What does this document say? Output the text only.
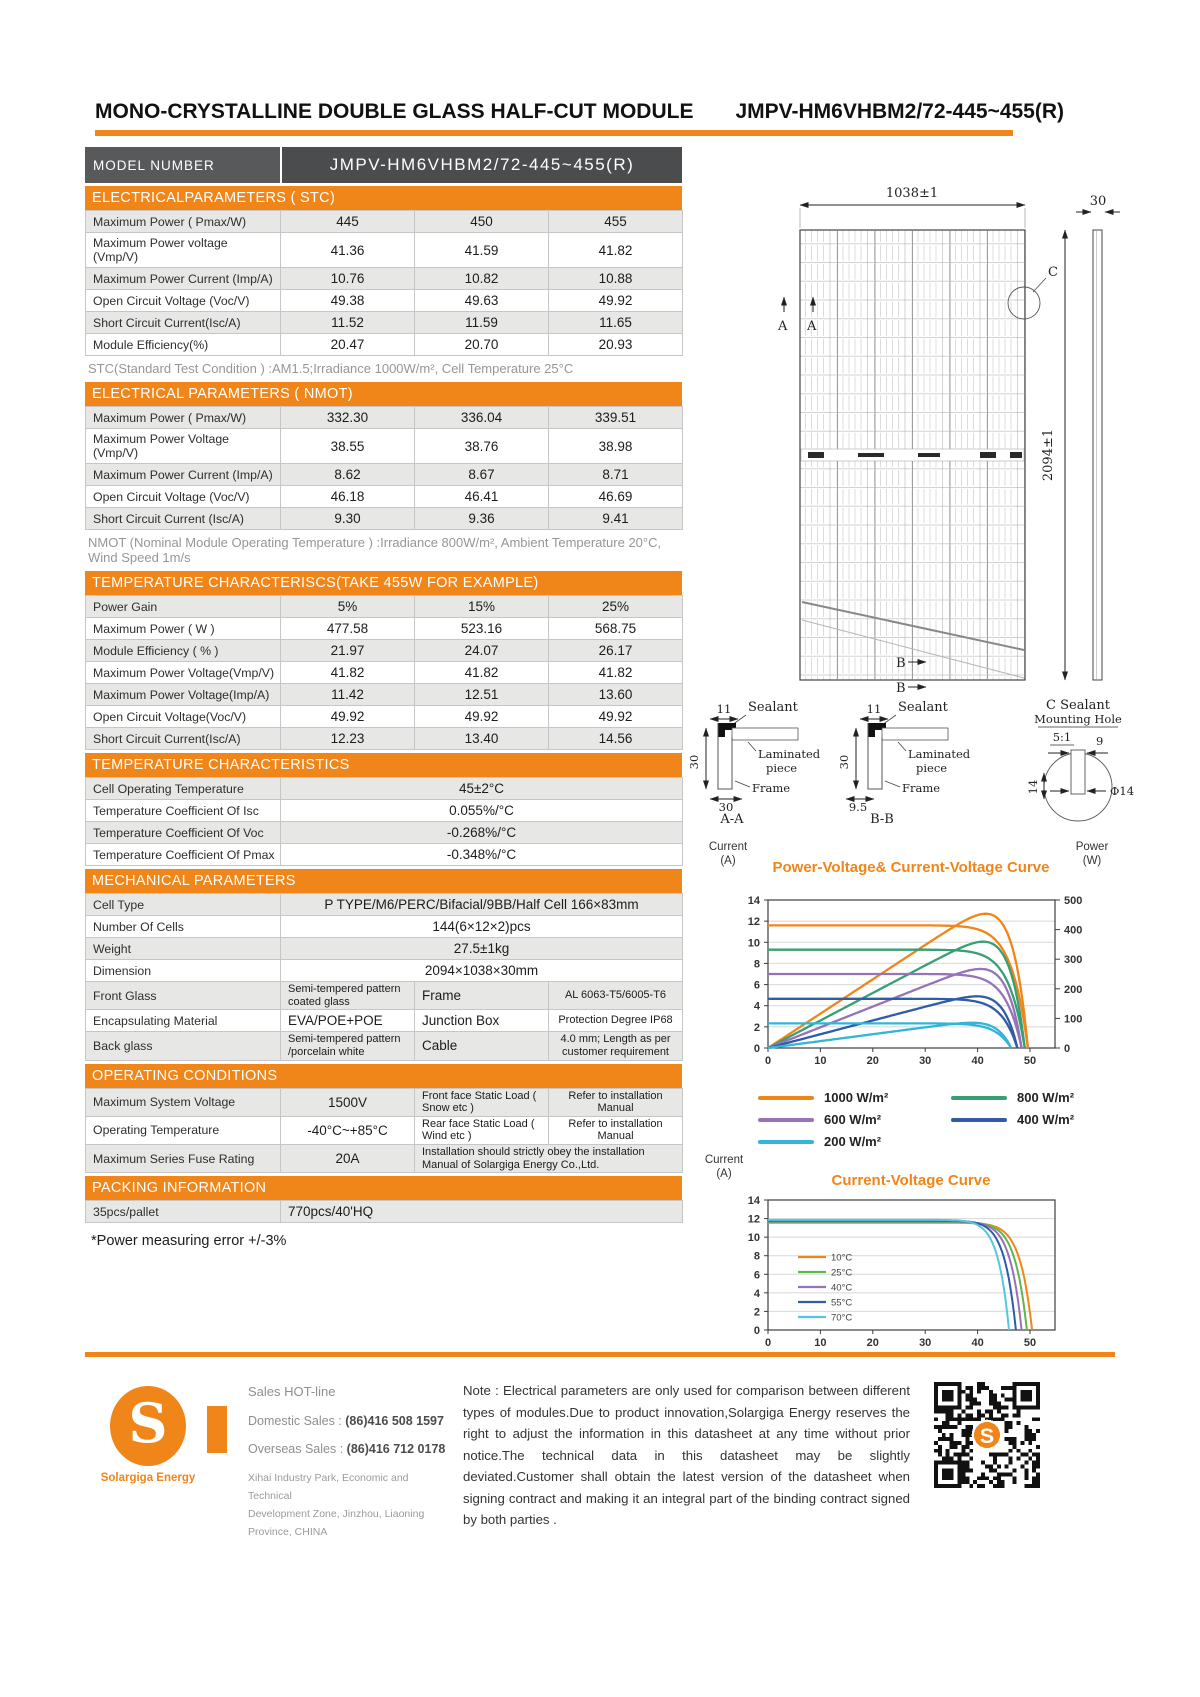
MONO-CRYSTALLINE DOUBLE GLASS HALF-CUT MODULE JMPV-HM6VHBM2/72-445~455(R)
MODEL NUMBER	JMPV-HM6VHBM2/72-445~455(R)
ELECTRICALPARAMETERS ( STC)
Maximum Power ( Pmax/W)	445	450	455
Maximum Power voltage (Vmp/V)	41.36	41.59	41.82
Maximum Power Current (Imp/A)	10.76	10.82	10.88
Open Circuit Voltage (Voc/V)	49.38	49.63	49.92
Short Circuit Current(Isc/A)	11.52	11.59	11.65
Module Efficiency(%)	20.47	20.70	20.93
STC(Standard Test Condition ) :AM1.5;Irradiance 1000W/m², Cell Temperature 25°C
ELECTRICAL PARAMETERS ( NMOT)
Maximum Power ( Pmax/W)	332.30	336.04	339.51
Maximum Power Voltage (Vmp/V)	38.55	38.76	38.98
Maximum Power Current (Imp/A)	8.62	8.67	8.71
Open Circuit Voltage (Voc/V)	46.18	46.41	46.69
Short Circuit Current (Isc/A)	9.30	9.36	9.41
NMOT (Nominal Module Operating Temperature ) :Irradiance 800W/m², Ambient Temperature 20°C, Wind Speed 1m/s
TEMPERATURE CHARACTERISCS(TAKE 455W FOR EXAMPLE)
Power Gain	5%	15%	25%
Maximum Power ( W )	477.58	523.16	568.75
Module Efficiency ( % )	21.97	24.07	26.17
Maximum Power Voltage(Vmp/V)	41.82	41.82	41.82
Maximum Power Voltage(Imp/A)	11.42	12.51	13.60
Open Circuit Voltage(Voc/V)	49.92	49.92	49.92
Short Circuit Current(Isc/A)	12.23	13.40	14.56
TEMPERATURE CHARACTERISTICS
Cell Operating Temperature	45±2°C
Temperature Coefficient Of Isc	0.055%/°C
Temperature Coefficient Of Voc	-0.268%/°C
Temperature Coefficient Of Pmax	-0.348%/°C
MECHANICAL PARAMETERS
Cell Type	P TYPE/M6/PERC/Bifacial/9BB/Half Cell 166×83mm		
Number Of Cells	144(6×12×2)pcs		
Weight	27.5±1kg		
Dimension	2094×1038×30mm		
Front Glass	Semi-tempered pattern coated glass	Frame	AL 6063-T5/6005-T6
Encapsulating Material	EVA/POE+POE	Junction Box	Protection Degree IP68
Back glass	Semi-tempered pattern /porcelain white	Cable	4.0 mm; Length as per customer requirement
OPERATING CONDITIONS
Maximum System Voltage	1500V	Front face Static Load ( Snow etc )	Refer to installation Manual
Operating Temperature	-40°C~+85°C	Rear face Static Load ( Wind etc )	Refer to installation Manual
Maximum Series Fuse Rating	20A	Installation should strictly obey the installation Manual of Solargiga Energy Co.,Ltd.	
PACKING INFORMATION
35pcs/pallet	770pcs/40'HQ
*Power measuring error +/-3%
1038±1
A A
C
2094±1
30
B
B
11 Sealant
30
Laminated
piece
Frame
30
A-A
11 Sealant
30
Laminated
piece
Frame
9.5
B-B
C Sealant
Mounting Hole
5:1 9
14	Φ14
Current
(A) Power-Voltage& Current-Voltage Curve
Power
(W)
0
2
4
6
8
10
12
14
0	10	20	30	40	50
0
100
200
300
400
500
1000 W/m²	800 W/m²
600 W/m²	400 W/m²
200 W/m²
Current
(A)	Current-Voltage Curve
0
2
4
6
8
10
12
14
0	10	20	30	40	50
10°C
25°C
40°C
55°C
70°C
S
Solargiga Energy
Sales HOT-line
Domestic Sales : (86)416 508 1597
Overseas Sales : (86)416 712 0178
Xihai Industry Park, Economic and Technical
Development Zone, Jinzhou, Liaoning
Province, CHINA
Note : Electrical parameters are only used for comparison between different types of modules.Due to product innovation,Solargiga Energy reserves the right to adjust the information in this datasheet at any time without prior notice.The technical data in this datasheet may be slightly deviated.Customer shall obtain the latest version of the datasheet when signing contract and making it an integral part of the binding contract signed by both parties .
S
